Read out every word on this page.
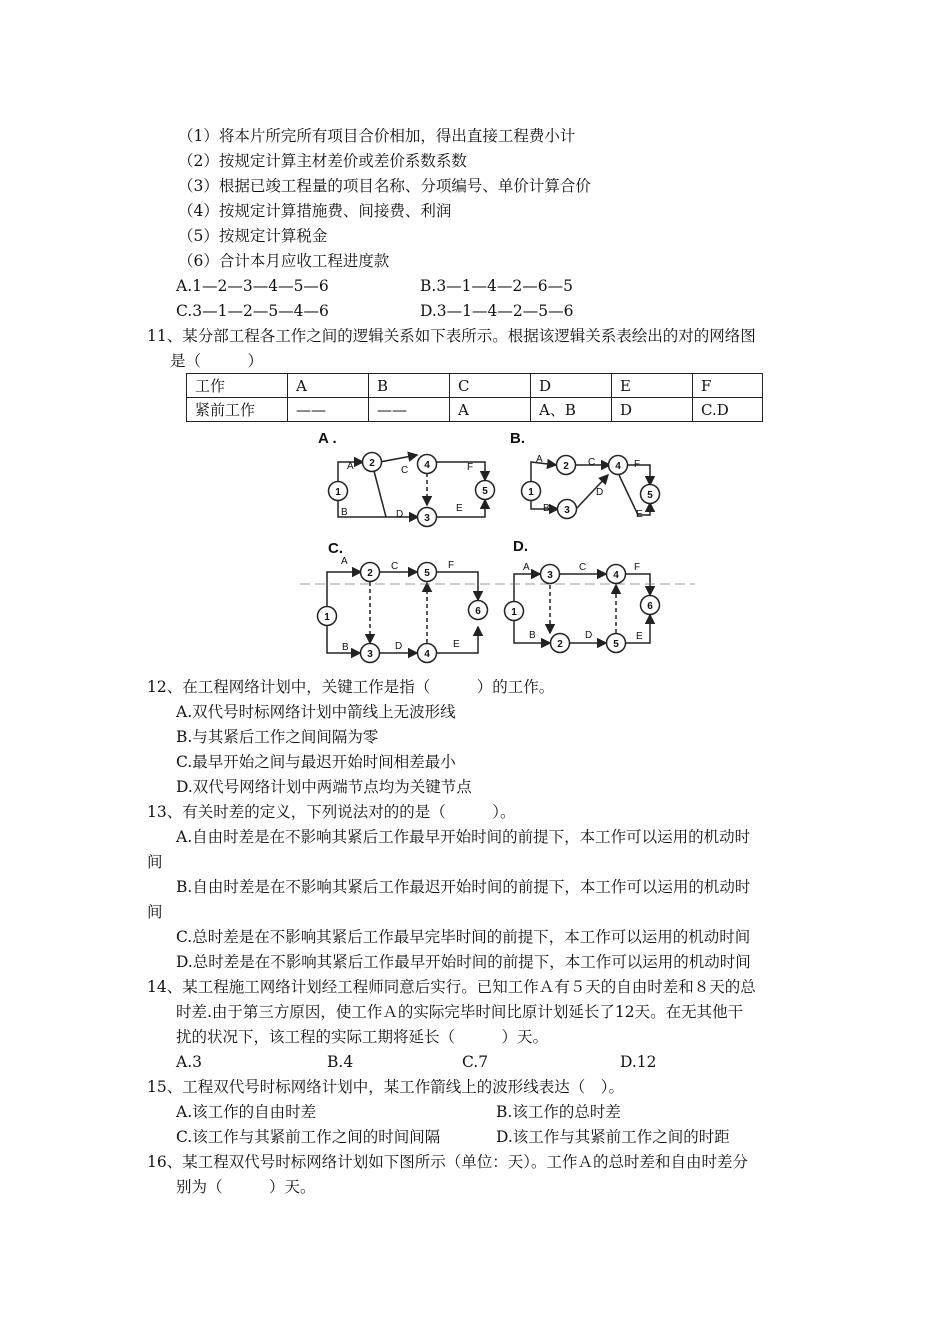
（1）将本片所完所有项目合价相加，得出直接工程费小计
（2）按规定计算主材差价或差价系数系数
（3）根据已竣工程量的项目名称、分项编号、单价计算合价
（4）按规定计算措施费、间接费、利润
（5）按规定计算税金
（6）合计本月应收工程进度款
A.1—2—3—4—5—6	B.3—1—4—2—6—5
C.3—1—2—5—4—6	D.3—1—4—2—5—6
11、某分部工程各工作之间的逻辑关系如下表所示。根据该逻辑关系表绘出的对的网络图
是（　　　）
工作	A	B	C	D	E	F
紧前工作	——	——	A	A、B	D	C.D
A .	B.
C.	D.
1
2
3
4
5	1
2
3
4
5
1
2
3
5
4
6	1
3
2
4
5
6
A
B
C
D
E
F
A
B
C
D
E
F
A
B
C
D	E
F	A
B
C
D	E
F
12、在工程网络计划中，关键工作是指（　　　）的工作。
A.双代号时标网络计划中箭线上无波形线
B.与其紧后工作之间间隔为零
C.最早开始之间与最迟开始时间相差最小
D.双代号网络计划中两端节点均为关键节点
13、有关时差的定义，下列说法对的的是（　　　）。
A.自由时差是在不影响其紧后工作最早开始时间的前提下，本工作可以运用的机动时
间
B.自由时差是在不影响其紧后工作最迟开始时间的前提下，本工作可以运用的机动时
间
C.总时差是在不影响其紧后工作最早完毕时间的前提下，本工作可以运用的机动时间
D.总时差是在不影响其紧后工作最早开始时间的前提下，本工作可以运用的机动时间
14、某工程施工网络计划经工程师同意后实行。已知工作Ａ有５天的自由时差和８天的总
时差.由于第三方原因，使工作Ａ的实际完毕时间比原计划延长了12天。在无其他干
扰的状况下，该工程的实际工期将延长（　　　）天。
A.3	B.4	C.7	D.12
15、工程双代号时标网络计划中，某工作箭线上的波形线表达（　）。
A.该工作的自由时差	B.该工作的总时差
C.该工作与其紧前工作之间的时间间隔	D.该工作与其紧前工作之间的时距
16、某工程双代号时标网络计划如下图所示（单位：天）。工作Ａ的总时差和自由时差分
别为（　　　）天。
